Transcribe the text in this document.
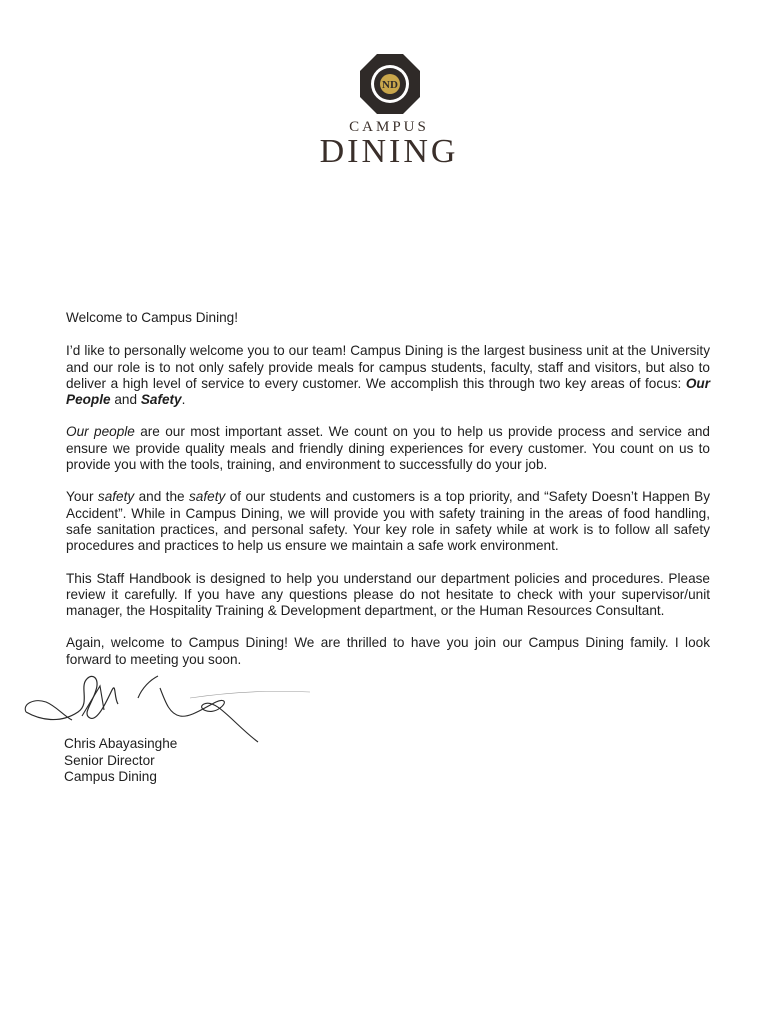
ND
CAMPUS
DINING

Welcome to Campus Dining!

I’d like to personally welcome you to our team! Campus Dining is the largest business unit at the University and our role is to not only safely provide meals for campus students, faculty, staff and visitors, but also to deliver a high level of service to every customer. We accomplish this through two key areas of focus: Our People and Safety.

Our people are our most important asset. We count on you to help us provide process and service and ensure we provide quality meals and friendly dining experiences for every customer. You count on us to provide you with the tools, training, and environment to successfully do your job.

Your safety and the safety of our students and customers is a top priority, and “Safety Doesn’t Happen By Accident”. While in Campus Dining, we will provide you with safety training in the areas of food handling, safe sanitation practices, and personal safety. Your key role in safety while at work is to follow all safety procedures and practices to help us ensure we maintain a safe work environment.

This Staff Handbook is designed to help you understand our department policies and procedures. Please review it carefully. If you have any questions please do not hesitate to check with your supervisor/unit manager, the Hospitality Training & Development department, or the Human Resources Consultant.

Again, welcome to Campus Dining! We are thrilled to have you join our Campus Dining family. I look forward to meeting you soon.

Chris Abayasinghe
Senior Director
Campus Dining
